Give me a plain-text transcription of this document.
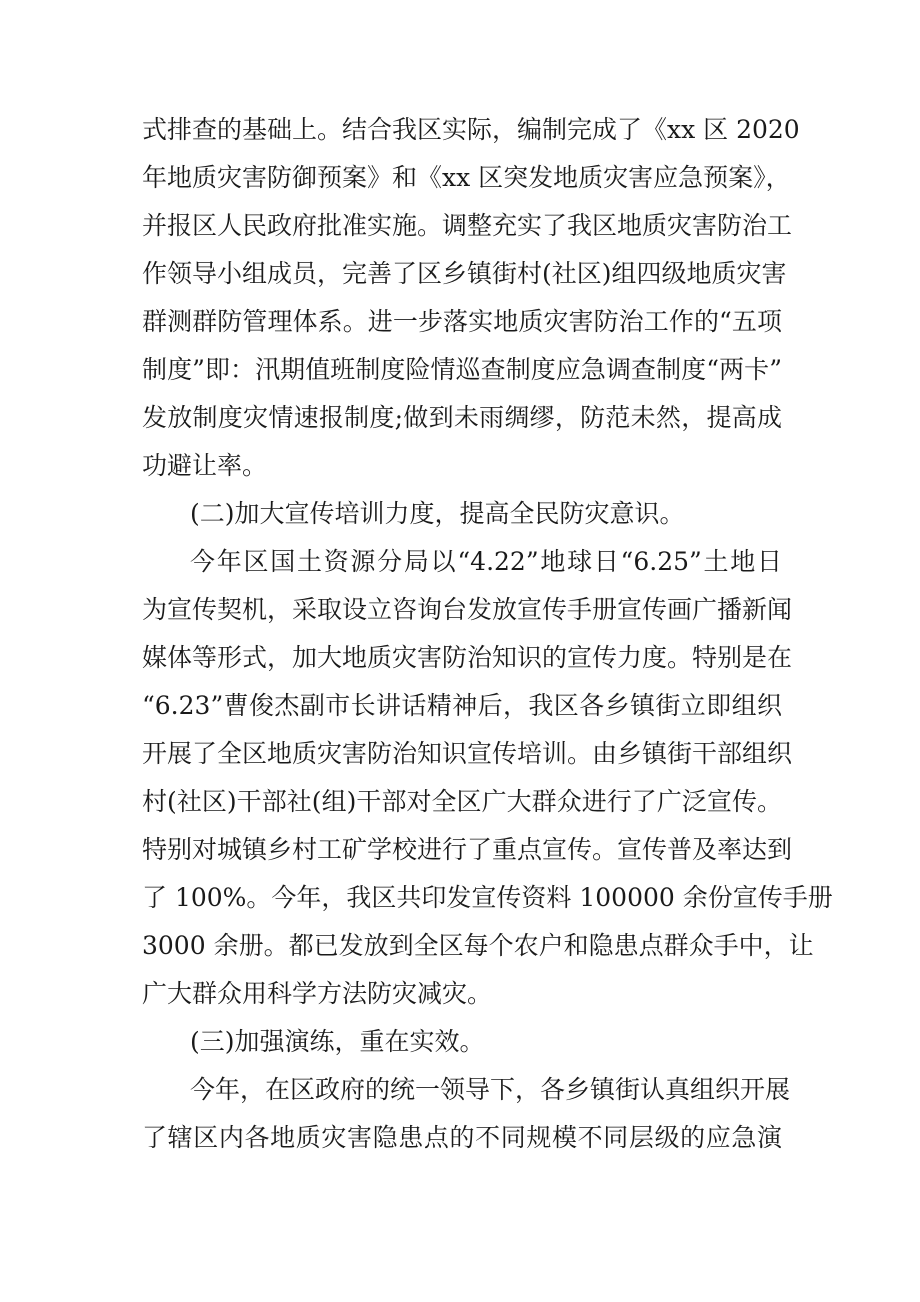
式排查的基础上。结合我区实际，编制完成了《xx 区 2020
年地质灾害防御预案》和《xx 区突发地质灾害应急预案》，
并报区人民政府批准实施。调整充实了我区地质灾害防治工
作领导小组成员，完善了区乡镇街村(社区)组四级地质灾害
群测群防管理体系。进一步落实地质灾害防治工作的“五项
制度”即：汛期值班制度险情巡查制度应急调查制度“两卡”
发放制度灾情速报制度;做到未雨绸缪，防范未然，提高成
功避让率。
(二)加大宣传培训力度，提高全民防灾意识。
今年区国土资源分局以“4.22”地球日“6.25”土地日
为宣传契机，采取设立咨询台发放宣传手册宣传画广播新闻
媒体等形式，加大地质灾害防治知识的宣传力度。特别是在
“6.23”曹俊杰副市长讲话精神后，我区各乡镇街立即组织
开展了全区地质灾害防治知识宣传培训。由乡镇街干部组织
村(社区)干部社(组)干部对全区广大群众进行了广泛宣传。
特别对城镇乡村工矿学校进行了重点宣传。宣传普及率达到
了 100%。今年，我区共印发宣传资料 100000 余份宣传手册
3000 余册。都已发放到全区每个农户和隐患点群众手中，让
广大群众用科学方法防灾减灾。
(三)加强演练，重在实效。
今年，在区政府的统一领导下，各乡镇街认真组织开展
了辖区内各地质灾害隐患点的不同规模不同层级的应急演
